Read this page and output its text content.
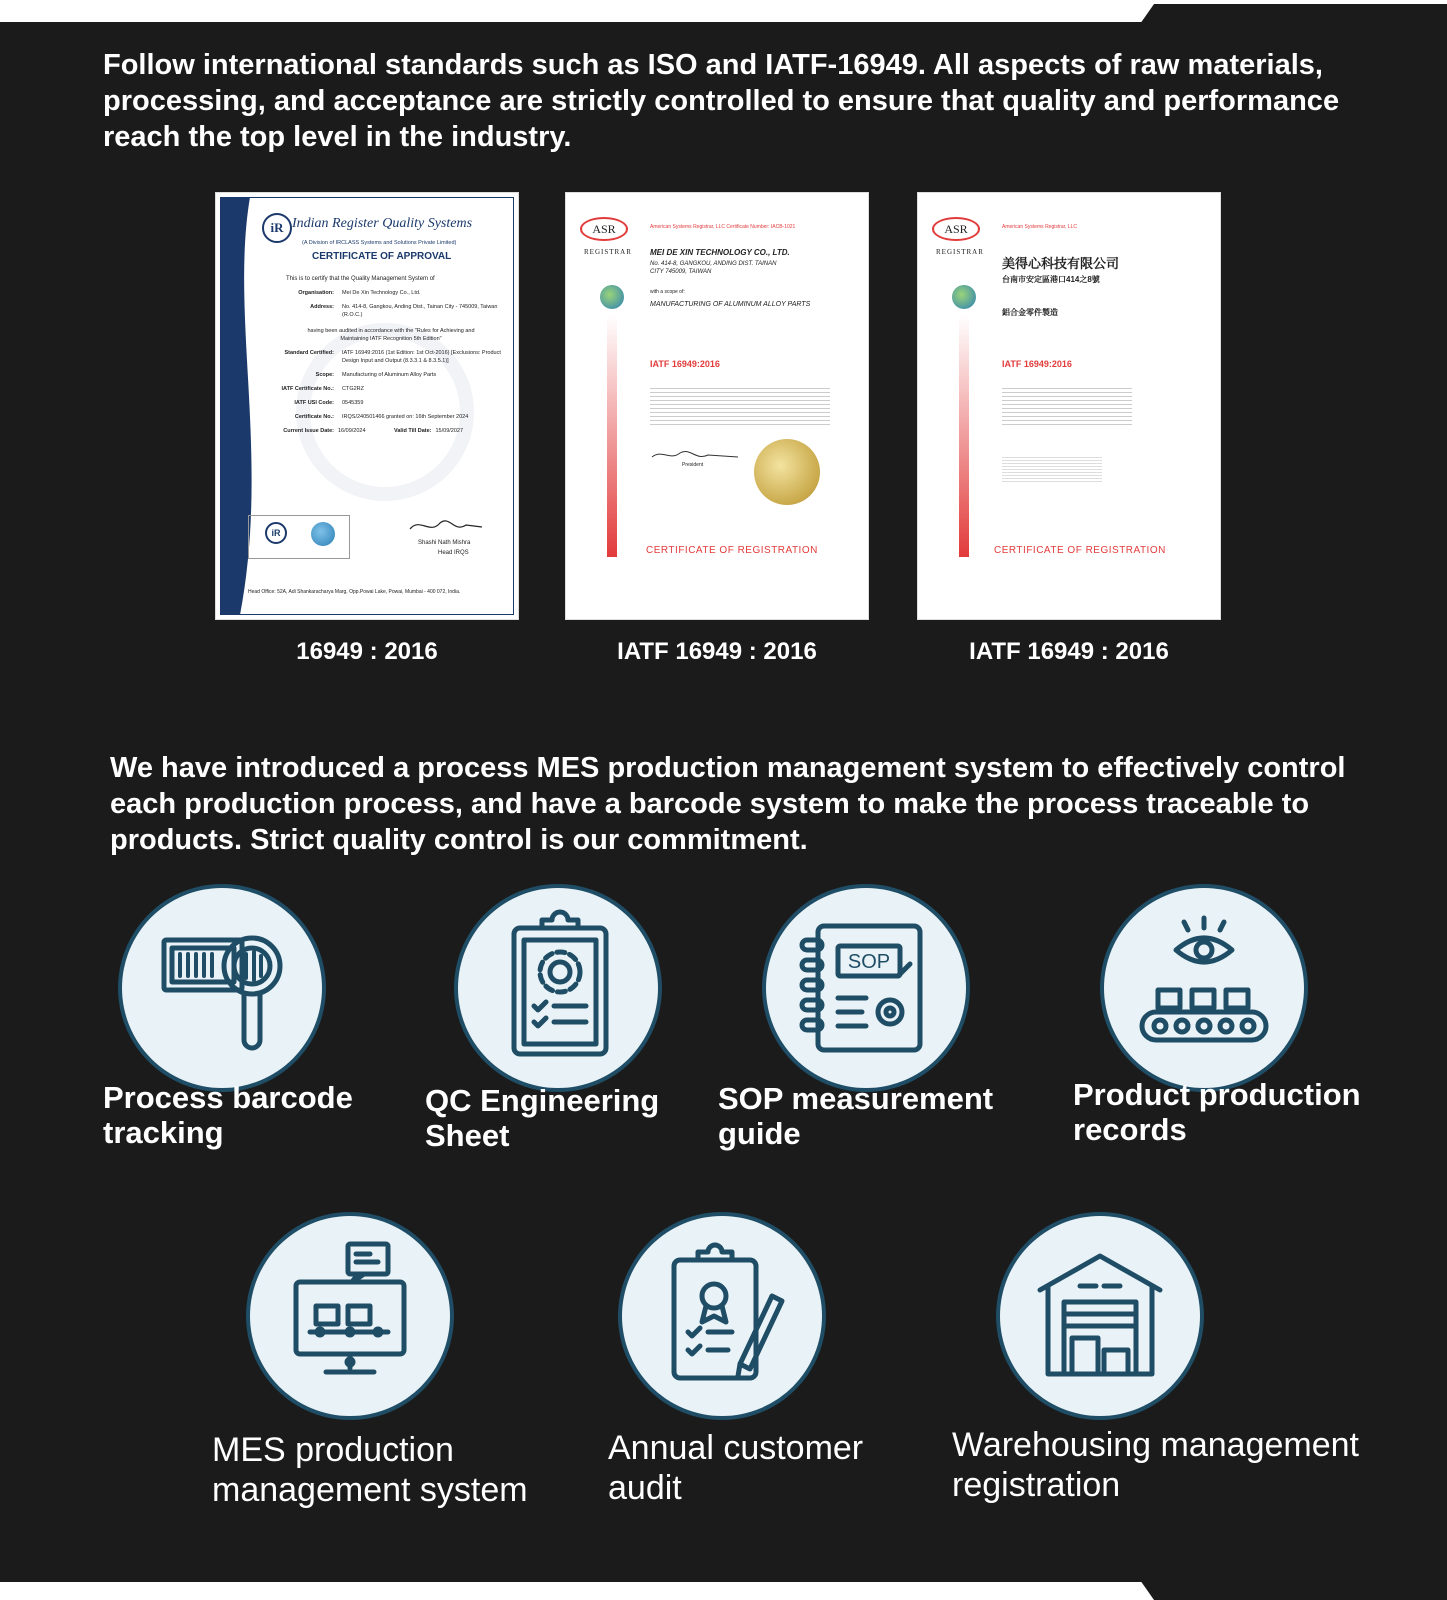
Follow international standards such as ISO and IATF-16949. All aspects of raw materials, processing, and acceptance are strictly controlled to ensure that quality and performance reach the top level in the industry.

iR Indian Register Quality Systems
(A Division of IRCLASS Systems and Solutions Private Limited)
CERTIFICATE OF APPROVAL
This is to certify that the Quality Management System of
Organisation:	Mei De Xin Technology Co., Ltd.
Address:	No. 414-8, Gangkou, Anding Dist., Tainan City - 745009, Taiwan (R.O.C.)
having been audited in accordance with the "Rules for Achieving and Maintaining IATF Recognition 5th Edition"
Standard Certified:	IATF 16949:2016 (1st Edition: 1st Oct-2016) [Exclusions: Product Design Input and Output (8.3.3.1 & 8.3.5.1)]
Scope:	Manufacturing of Aluminum Alloy Parts
IATF Certificate No.:	CTG2RZ
IATF USI Code:	0545359
Certificate No.:	IRQS/240501466 granted on: 16th September 2024
Current Issue Date: 16/09/2024	Valid Till Date: 15/09/2027
iR
Shashi Nath Mishra
Head IRQS
Head Office: 52A, Adi Shankaracharya Marg, Opp.Powai Lake, Powai, Mumbai - 400 072, India.
ASR
REGISTRAR
American Systems Registrar, LLC Certificate Number: IACB-1021
MEI DE XIN TECHNOLOGY CO., LTD.
No. 414-8, GANGKOU, ANDING DIST. TAINAN CITY 745009, TAIWAN
with a scope of:
MANUFACTURING OF ALUMINUM ALLOY PARTS
IATF 16949:2016
President
CERTIFICATE OF REGISTRATION
ASR
REGISTRAR
American Systems Registrar, LLC
美得心科技有限公司
台南市安定區港口414之8號
鋁合金零件製造
IATF 16949:2016
CERTIFICATE OF REGISTRATION
16949 : 2016	IATF 16949 : 2016	IATF 16949 : 2016

We have introduced a process MES production management system to effectively control each production process, and have a barcode system to make the process traceable to products. Strict quality control is our commitment.

SOP
Process barcode
tracking
QC Engineering
Sheet
SOP measurement
guide
Product production
records
MES production
management system
Annual customer
audit
Warehousing management
registration
